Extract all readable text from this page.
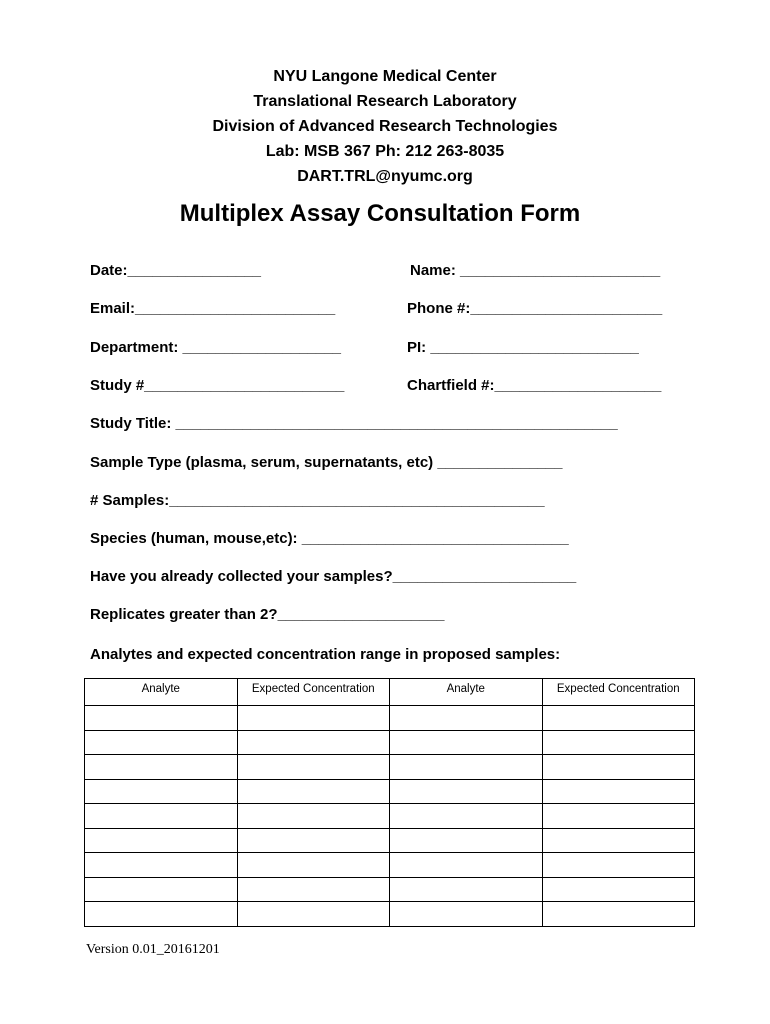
NYU Langone Medical Center
Translational Research Laboratory
Division of Advanced Research Technologies
Lab: MSB 367 Ph: 212 263-8035
DART.TRL@nyumc.org
Multiplex Assay Consultation Form
Date:________________	Name: ________________________
Email:________________________	Phone #:_______________________
Department: ___________________	PI: _________________________
Study #________________________	Chartfield #:____________________
Study Title: _____________________________________________________
Sample Type (plasma, serum, supernatants, etc) _______________
# Samples:_____________________________________________
Species (human, mouse,etc): ________________________________
Have you already collected your samples?______________________
Replicates greater than 2?____________________
Analytes and expected concentration range in proposed samples:
Analyte	Expected Concentration	Analyte	Expected Concentration

Version 0.01_20161201
